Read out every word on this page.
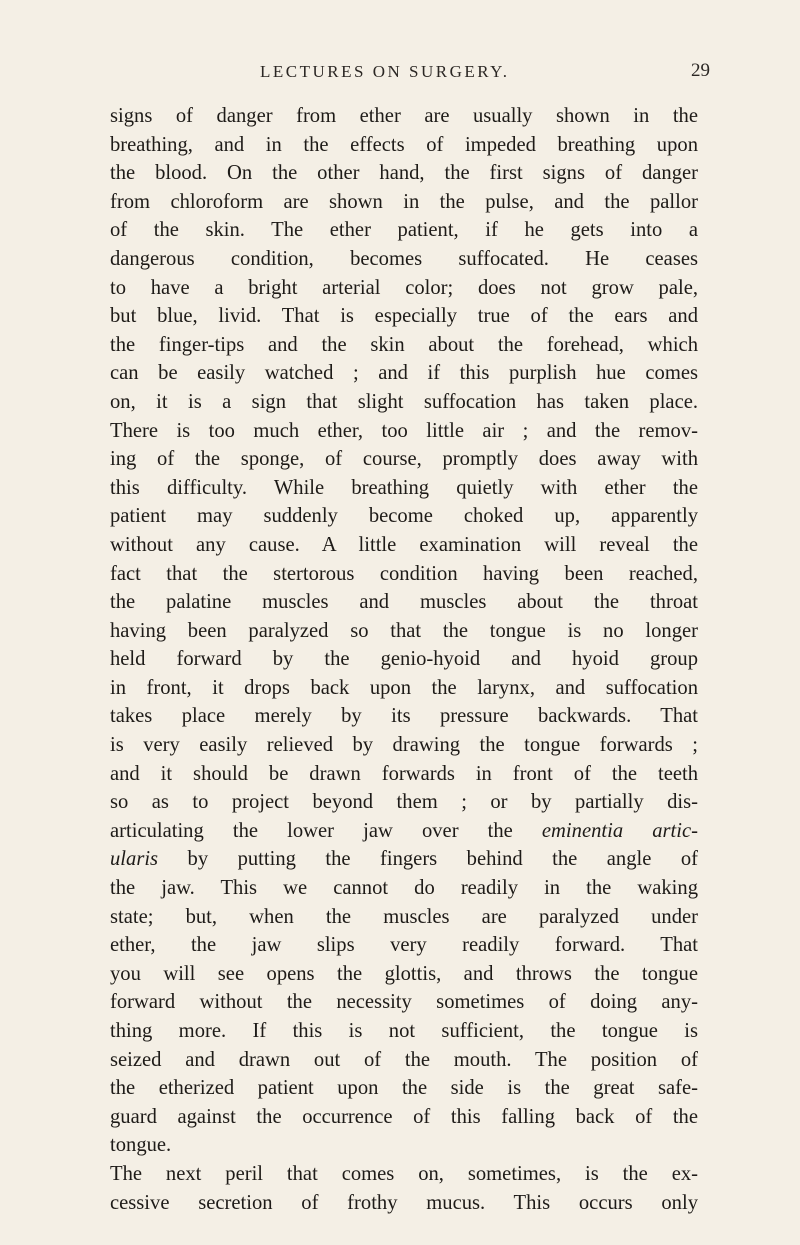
LECTURES ON SURGERY.	29
signs of danger from ether are usually shown in the
breathing, and in the effects of impeded breathing upon
the blood. On the other hand, the first signs of danger
from chloroform are shown in the pulse, and the pallor
of the skin. The ether patient, if he gets into a
dangerous condition, becomes suffocated. He ceases
to have a bright arterial color; does not grow pale,
but blue, livid. That is especially true of the ears and
the finger-tips and the skin about the forehead, which
can be easily watched ; and if this purplish hue comes
on, it is a sign that slight suffocation has taken place.
There is too much ether, too little air ; and the remov-
ing of the sponge, of course, promptly does away with
this difficulty. While breathing quietly with ether the
patient may suddenly become choked up, apparently
without any cause. A little examination will reveal the
fact that the stertorous condition having been reached,
the palatine muscles and muscles about the throat
having been paralyzed so that the tongue is no longer
held forward by the genio-hyoid and hyoid group
in front, it drops back upon the larynx, and suffocation
takes place merely by its pressure backwards. That
is very easily relieved by drawing the tongue forwards ;
and it should be drawn forwards in front of the teeth
so as to project beyond them ; or by partially dis-
articulating the lower jaw over the eminentia artic-
ularis by putting the fingers behind the angle of
the jaw. This we cannot do readily in the waking
state; but, when the muscles are paralyzed under
ether, the jaw slips very readily forward. That
you will see opens the glottis, and throws the tongue
forward without the necessity sometimes of doing any-
thing more. If this is not sufficient, the tongue is
seized and drawn out of the mouth. The position of
the etherized patient upon the side is the great safe-
guard against the occurrence of this falling back of the
tongue.
The next peril that comes on, sometimes, is the ex-
cessive secretion of frothy mucus. This occurs only
